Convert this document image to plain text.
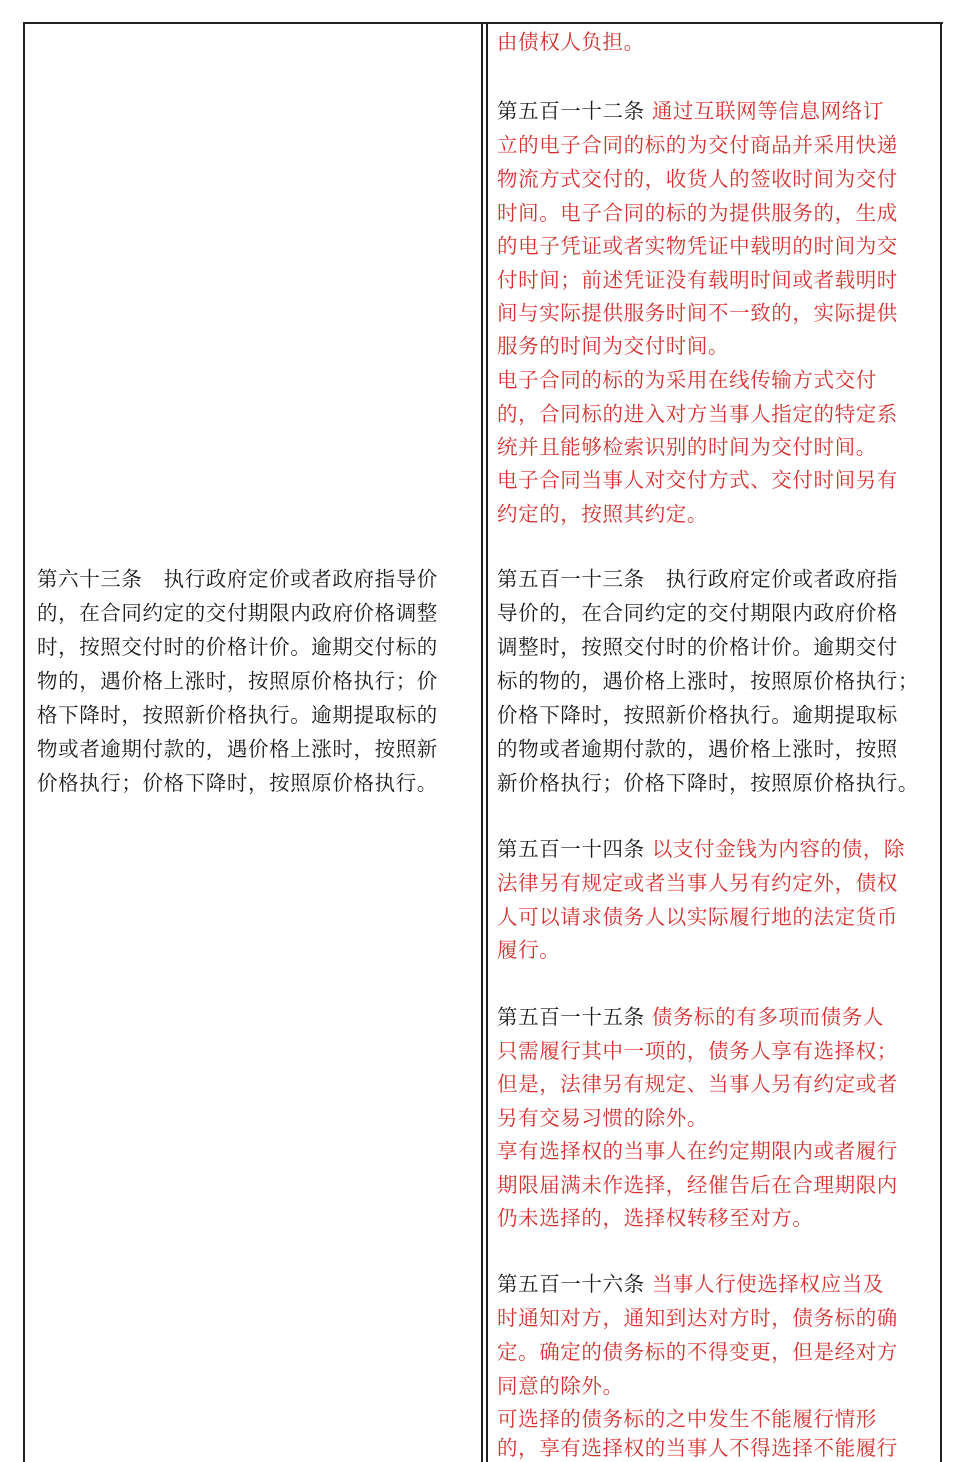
第六十三条　执行政府定价或者政府指导价
的，在合同约定的交付期限内政府价格调整
时，按照交付时的价格计价。逾期交付标的
物的，遇价格上涨时，按照原价格执行；价
格下降时，按照新价格执行。逾期提取标的
物或者逾期付款的，遇价格上涨时，按照新
价格执行；价格下降时，按照原价格执行。
由债权人负担。
第五百一十二条 通过互联网等信息网络订
立的电子合同的标的为交付商品并采用快递
物流方式交付的，收货人的签收时间为交付
时间。电子合同的标的为提供服务的，生成
的电子凭证或者实物凭证中载明的时间为交
付时间；前述凭证没有载明时间或者载明时
间与实际提供服务时间不一致的，实际提供
服务的时间为交付时间。
电子合同的标的为采用在线传输方式交付
的，合同标的进入对方当事人指定的特定系
统并且能够检索识别的时间为交付时间。
电子合同当事人对交付方式、交付时间另有
约定的，按照其约定。
第五百一十三条　执行政府定价或者政府指
导价的，在合同约定的交付期限内政府价格
调整时，按照交付时的价格计价。逾期交付
标的物的，遇价格上涨时，按照原价格执行；
价格下降时，按照新价格执行。逾期提取标
的物或者逾期付款的，遇价格上涨时，按照
新价格执行；价格下降时，按照原价格执行。
第五百一十四条 以支付金钱为内容的债，除
法律另有规定或者当事人另有约定外，债权
人可以请求债务人以实际履行地的法定货币
履行。
第五百一十五条 债务标的有多项而债务人
只需履行其中一项的，债务人享有选择权；
但是，法律另有规定、当事人另有约定或者
另有交易习惯的除外。
享有选择权的当事人在约定期限内或者履行
期限届满未作选择，经催告后在合理期限内
仍未选择的，选择权转移至对方。
第五百一十六条 当事人行使选择权应当及
时通知对方，通知到达对方时，债务标的确
定。确定的债务标的不得变更，但是经对方
同意的除外。
可选择的债务标的之中发生不能履行情形
的，享有选择权的当事人不得选择不能履行
